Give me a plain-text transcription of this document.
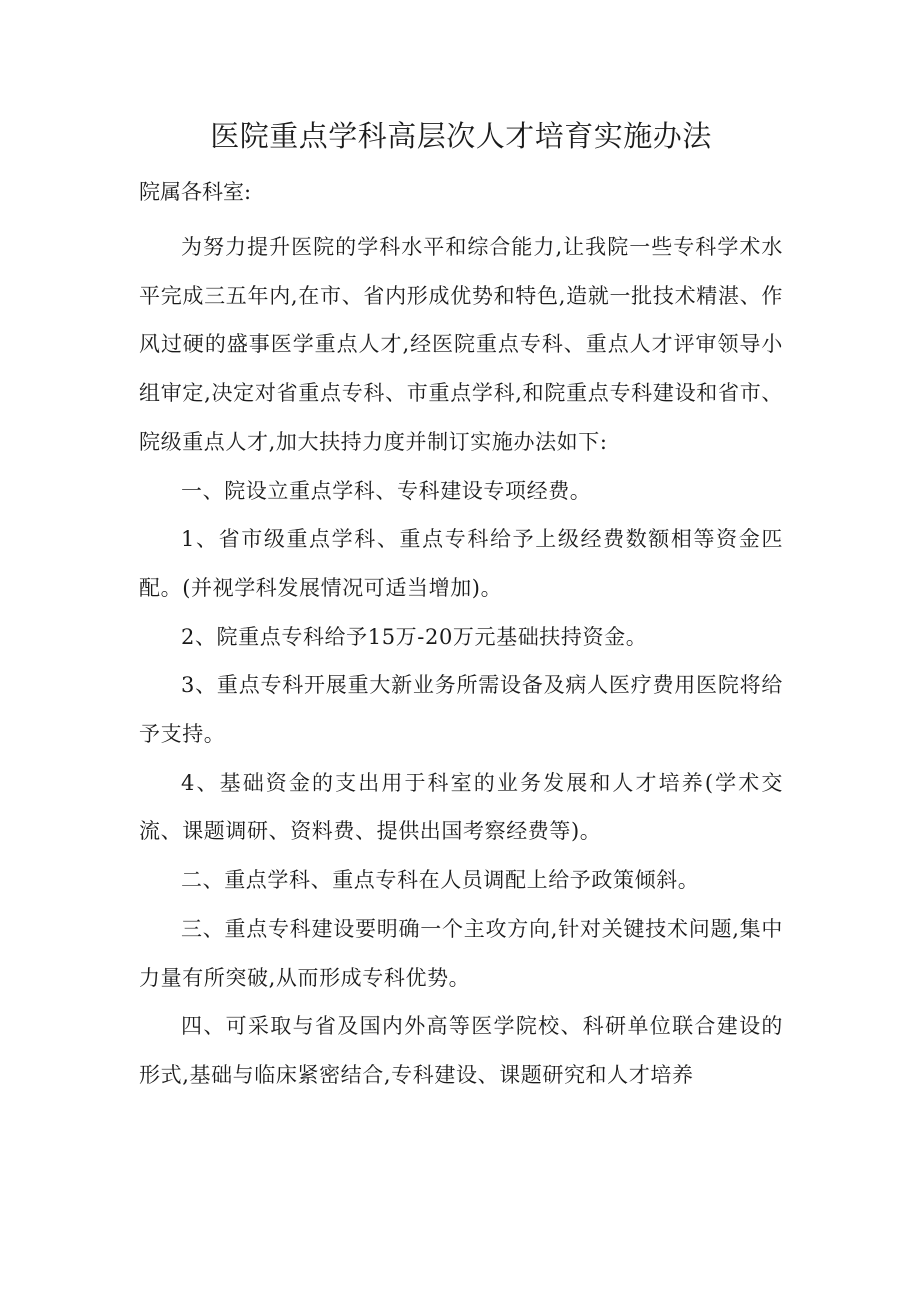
医院重点学科高层次人才培育实施办法

院属各科室:

为努力提升医院的学科水平和综合能力,让我院一些专科学术水平完成三五年内,在市、省内形成优势和特色,造就一批技术精湛、作风过硬的盛事医学重点人才,经医院重点专科、重点人才评审领导小组审定,决定对省重点专科、市重点学科,和院重点专科建设和省市、院级重点人才,加大扶持力度并制订实施办法如下:

一、院设立重点学科、专科建设专项经费。

1、省市级重点学科、重点专科给予上级经费数额相等资金匹配。(并视学科发展情况可适当增加)。

2、院重点专科给予15万-20万元基础扶持资金。

3、重点专科开展重大新业务所需设备及病人医疗费用医院将给予支持。

4、基础资金的支出用于科室的业务发展和人才培养(学术交流、课题调研、资料费、提供出国考察经费等)。

二、重点学科、重点专科在人员调配上给予政策倾斜。

三、重点专科建设要明确一个主攻方向,针对关键技术问题,集中力量有所突破,从而形成专科优势。

四、可采取与省及国内外高等医学院校、科研单位联合建设的形式,基础与临床紧密结合,专科建设、课题研究和人才培养
